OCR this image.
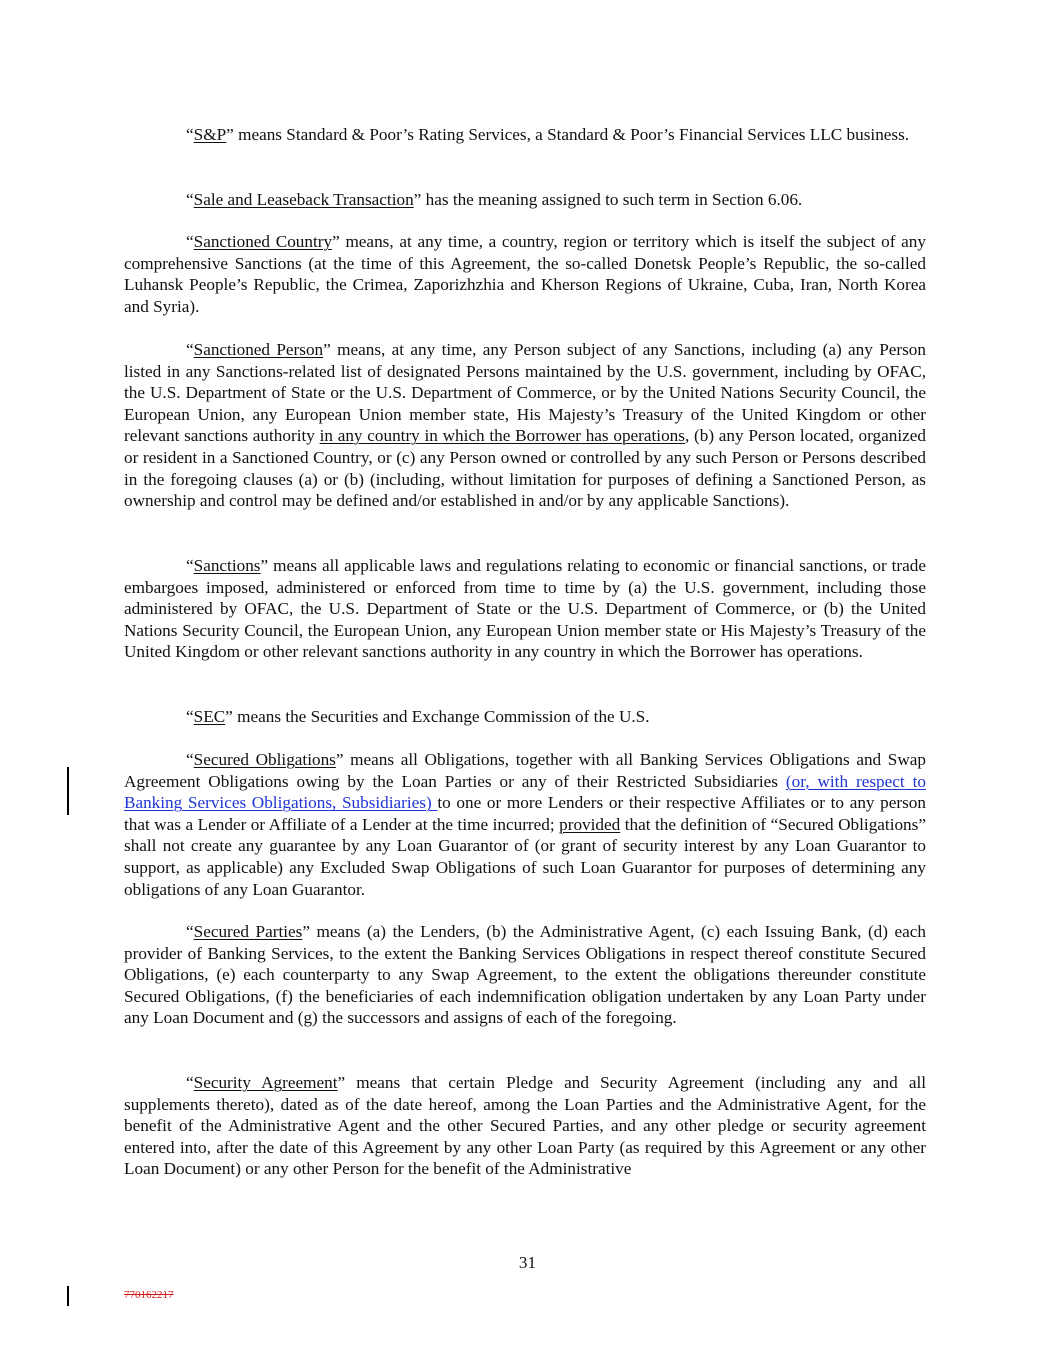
“S&P” means Standard & Poor’s Rating Services, a Standard & Poor’s Financial Services LLC business.

“Sale and Leaseback Transaction” has the meaning assigned to such term in Section 6.06.

“Sanctioned Country” means, at any time, a country, region or territory which is itself the subject of any comprehensive Sanctions (at the time of this Agreement, the so-called Donetsk People’s Republic, the so-called Luhansk People’s Republic, the Crimea, Zaporizhzhia and Kherson Regions of Ukraine, Cuba, Iran, North Korea and Syria).

“Sanctioned Person” means, at any time, any Person subject of any Sanctions, including (a) any Person listed in any Sanctions-related list of designated Persons maintained by the U.S. government, including by OFAC, the U.S. Department of State or the U.S. Department of Commerce, or by the United Nations Security Council, the European Union, any European Union member state, His Majesty’s Treasury of the United Kingdom or other relevant sanctions authority in any country in which the Borrower has operations, (b) any Person located, organized or resident in a Sanctioned Country, or (c) any Person owned or controlled by any such Person or Persons described in the foregoing clauses (a) or (b) (including, without limitation for purposes of defining a Sanctioned Person, as ownership and control may be defined and/or established in and/or by any applicable Sanctions).

“Sanctions” means all applicable laws and regulations relating to economic or financial sanctions, or trade embargoes imposed, administered or enforced from time to time by (a) the U.S. government, including those administered by OFAC, the U.S. Department of State or the U.S. Department of Commerce, or (b) the United Nations Security Council, the European Union, any European Union member state or His Majesty’s Treasury of the United Kingdom or other relevant sanctions authority in any country in which the Borrower has operations.

“SEC” means the Securities and Exchange Commission of the U.S.

“Secured Obligations” means all Obligations, together with all Banking Services Obligations and Swap Agreement Obligations owing by the Loan Parties or any of their Restricted Subsidiaries (or, with respect to Banking Services Obligations, Subsidiaries) to one or more Lenders or their respective Affiliates or to any person that was a Lender or Affiliate of a Lender at the time incurred; provided that the definition of “Secured Obligations” shall not create any guarantee by any Loan Guarantor of (or grant of security interest by any Loan Guarantor to support, as applicable) any Excluded Swap Obligations of such Loan Guarantor for purposes of determining any obligations of any Loan Guarantor.

“Secured Parties” means (a) the Lenders, (b) the Administrative Agent, (c) each Issuing Bank, (d) each provider of Banking Services, to the extent the Banking Services Obligations in respect thereof constitute Secured Obligations, (e) each counterparty to any Swap Agreement, to the extent the obligations thereunder constitute Secured Obligations, (f) the beneficiaries of each indemnification obligation undertaken by any Loan Party under any Loan Document and (g) the successors and assigns of each of the foregoing.

“Security Agreement” means that certain Pledge and Security Agreement (including any and all supplements thereto), dated as of the date hereof, among the Loan Parties and the Administrative Agent, for the benefit of the Administrative Agent and the other Secured Parties, and any other pledge or security agreement entered into, after the date of this Agreement by any other Loan Party (as required by this Agreement or any other Loan Document) or any other Person for the benefit of the Administrative

31
770162217
